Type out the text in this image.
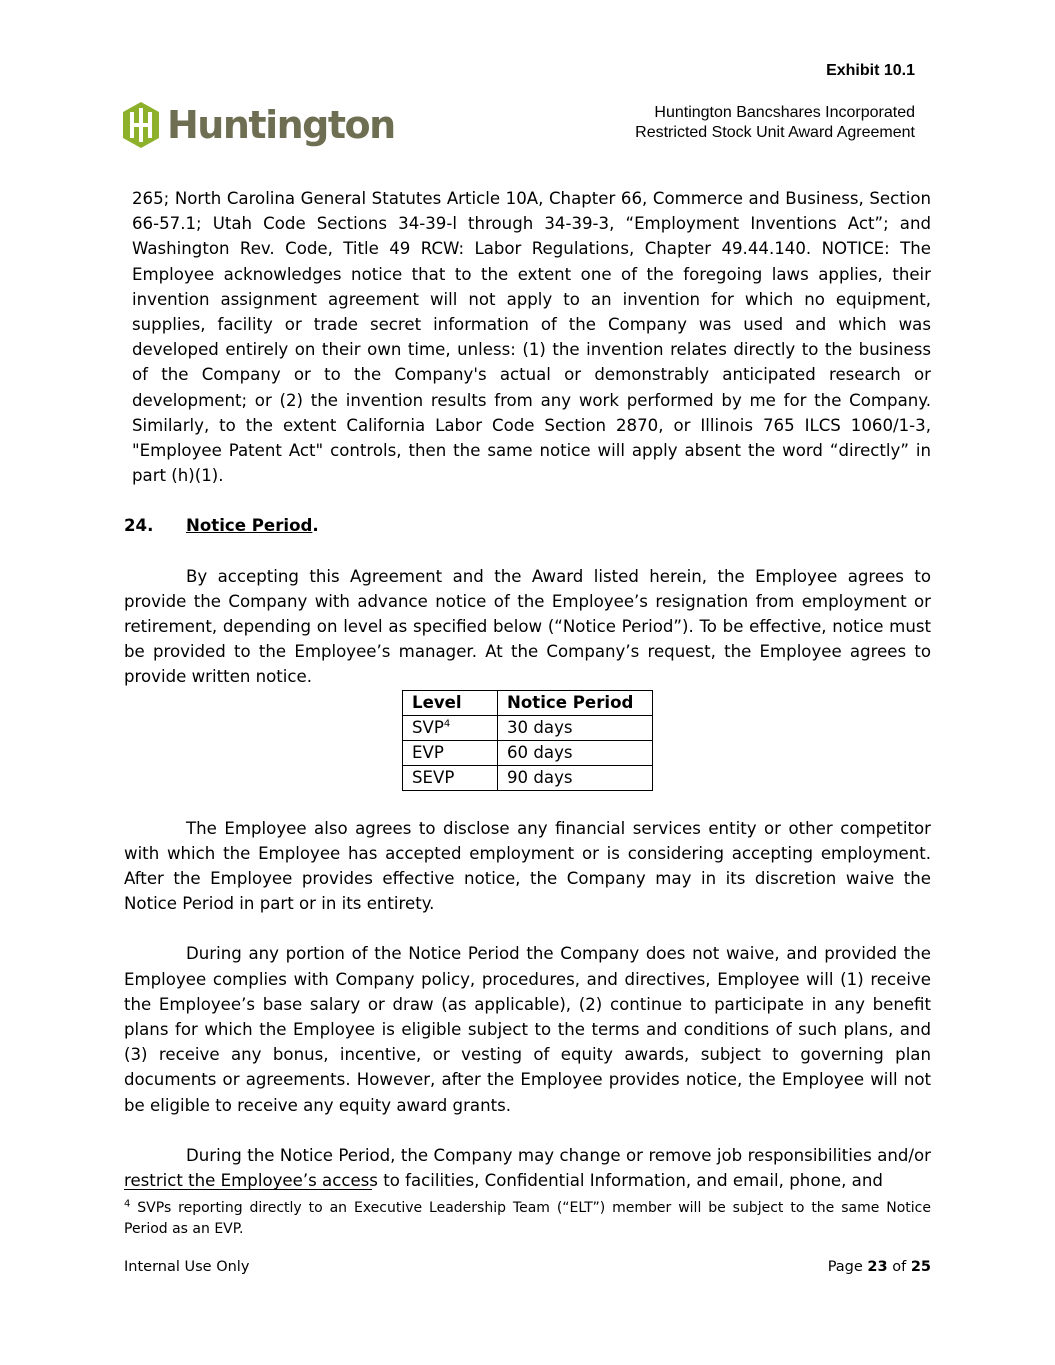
Exhibit 10.1
Huntington	Huntington Bancshares Incorporated
Restricted Stock Unit Award Agreement
265; North Carolina General Statutes Article 10A, Chapter 66, Commerce and Business, Section 66-57.1; Utah Code Sections 34-39-l through 34-39-3, “Employment Inventions Act”; and Washington Rev. Code, Title 49 RCW: Labor Regulations, Chapter 49.44.140. NOTICE: The Employee acknowledges notice that to the extent one of the foregoing laws applies, their invention assignment agreement will not apply to an invention for which no equipment, supplies, facility or trade secret information of the Company was used and which was developed entirely on their own time, unless: (1) the invention relates directly to the business of the Company or to the Company's actual or demonstrably anticipated research or development; or (2) the invention results from any work performed by me for the Company. Similarly, to the extent California Labor Code Section 2870, or Illinois 765 ILCS 1060/1-3, "Employee Patent Act" controls, then the same notice will apply absent the word “directly” in part (h)(1).
24. Notice Period.

By accepting this Agreement and the Award listed herein, the Employee agrees to provide the Company with advance notice of the Employee’s resignation from employment or retirement, depending on level as specified below (“Notice Period”). To be effective, notice must be provided to the Employee’s manager. At the Company’s request, the Employee agrees to provide written notice.

Level	Notice Period
SVP$^4$	30 days
EVP	60 days
SEVP	90 days

The Employee also agrees to disclose any financial services entity or other competitor with which the Employee has accepted employment or is considering accepting employment. After the Employee provides effective notice, the Company may in its discretion waive the Notice Period in part or in its entirety.

During any portion of the Notice Period the Company does not waive, and provided the Employee complies with Company policy, procedures, and directives, Employee will (1) receive the Employee’s base salary or draw (as applicable), (2) continue to participate in any benefit plans for which the Employee is eligible subject to the terms and conditions of such plans, and (3) receive any bonus, incentive, or vesting of equity awards, subject to governing plan documents or agreements. However, after the Employee provides notice, the Employee will not be eligible to receive any equity award grants.

During the Notice Period, the Company may change or remove job responsibilities and/or restrict the Employee’s access to facilities, Confidential Information, and email, phone, and

$^4$ SVPs reporting directly to an Executive Leadership Team (“ELT”) member will be subject to the same Notice Period as an EVP.
Internal Use Only	Page 23 of 25
